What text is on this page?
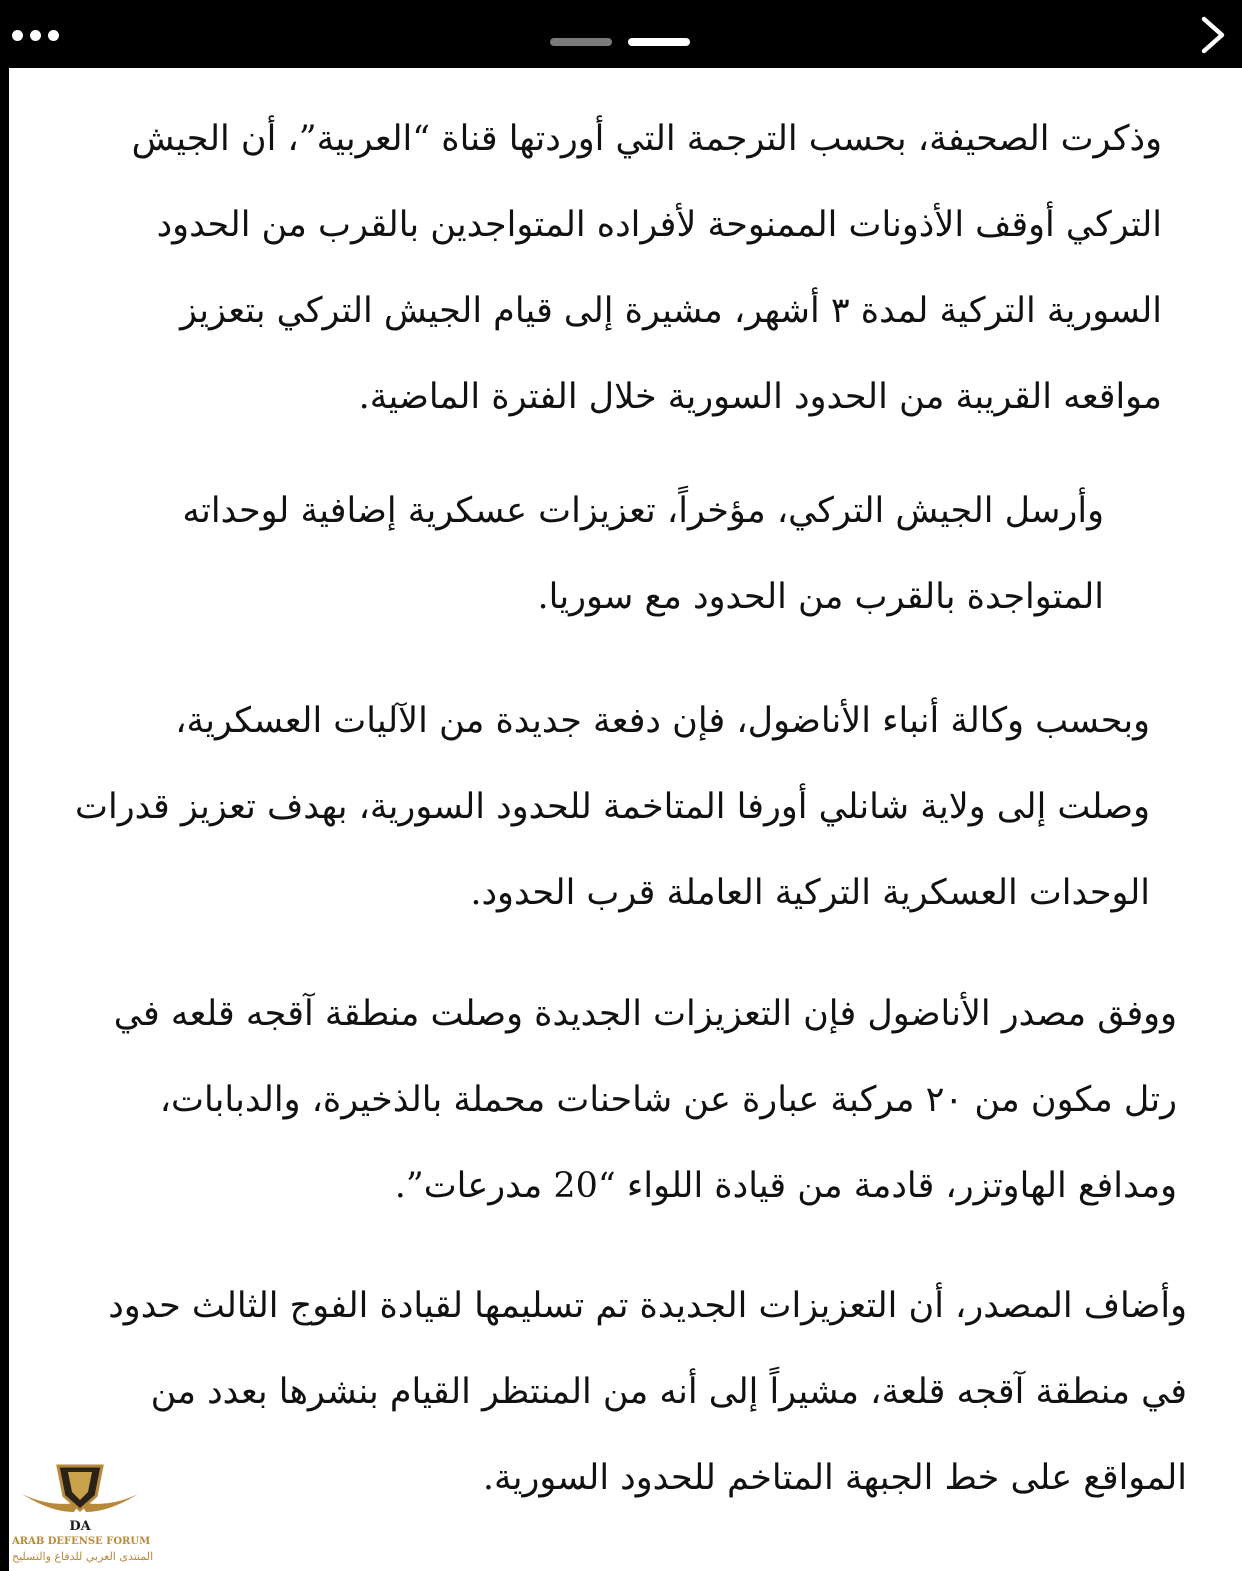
وذكرت الصحيفة، بحسب الترجمة التي أوردتها قناة “العربية”، أن الجيش التركي أوقف الأذونات الممنوحة لأفراده المتواجدين بالقرب من الحدود السورية التركية لمدة ٣ أشهر، مشيرة إلى قيام الجيش التركي بتعزيز مواقعه القريبة من الحدود السورية خلال الفترة الماضية.

وأرسل الجيش التركي، مؤخراً، تعزيزات عسكرية إضافية لوحداته المتواجدة بالقرب من الحدود مع سوريا.

وبحسب وكالة أنباء الأناضول، فإن دفعة جديدة من الآليات العسكرية، وصلت إلى ولاية شانلي أورفا المتاخمة للحدود السورية، بهدف تعزيز قدرات الوحدات العسكرية التركية العاملة قرب الحدود.

ووفق مصدر الأناضول فإن التعزيزات الجديدة وصلت منطقة آقجه قلعه في رتل مكون من ٢٠ مركبة عبارة عن شاحنات محملة بالذخيرة، والدبابات، ومدافع الهاوتزر، قادمة من قيادة اللواء “20 مدرعات”.

وأضاف المصدر، أن التعزيزات الجديدة تم تسليمها لقيادة الفوج الثالث حدود في منطقة آقجه قلعة، مشيراً إلى أنه من المنتظر القيام بنشرها بعدد من المواقع على خط الجبهة المتاخم للحدود السورية.

DA
ARAB DEFENSE FORUM
المنتدى العربي للدفاع والتسليح
